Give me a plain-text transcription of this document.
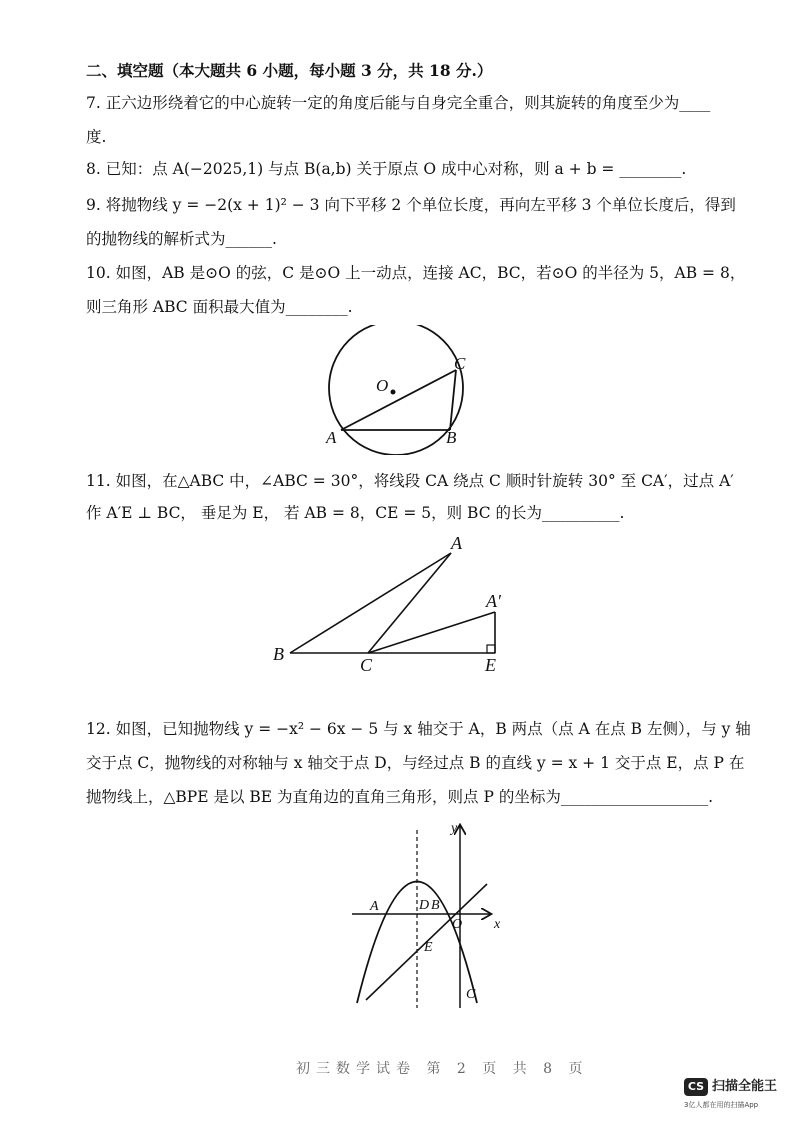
二、填空题（本大题共 6 小题，每小题 3 分，共 18 分.）
7. 正六边形绕着它的中心旋转一定的角度后能与自身完全重合，则其旋转的角度至少为____
度.
8. 已知：点 A(−2025,1) 与点 B(a,b) 关于原点 O 成中心对称，则 a + b = ________.
9. 将抛物线 y = −2(x + 1)² − 3 向下平移 2 个单位长度，再向左平移 3 个单位长度后，得到
的抛物线的解析式为______.
10. 如图，AB 是⊙O 的弦，C 是⊙O 上一动点，连接 AC，BC，若⊙O 的半径为 5，AB = 8，
则三角形 ABC 面积最大值为________.
O
A	B
C
11. 如图，在△ABC 中，∠ABC = 30°，将线段 CA 绕点 C 顺时针旋转 30° 至 CA′，过点 A′
作 A′E ⊥ BC， 垂足为 E， 若 AB = 8，CE = 5，则 BC 的长为__________.
A
A′
B
C	E
12. 如图，已知抛物线 y = −x² − 6x − 5 与 x 轴交于 A，B 两点（点 A 在点 B 左侧），与 y 轴
交于点 C，抛物线的对称轴与 x 轴交于点 D，与经过点 B 的直线 y = x + 1 交于点 E，点 P 在
抛物线上，△BPE 是以 BE 为直角边的直角三角形，则点 P 的坐标为___________________.
y
x
A	D B
O
E
C
初三数学试卷 第 2 页 共 8 页
CS 扫描全能王
3亿人都在用的扫描App
